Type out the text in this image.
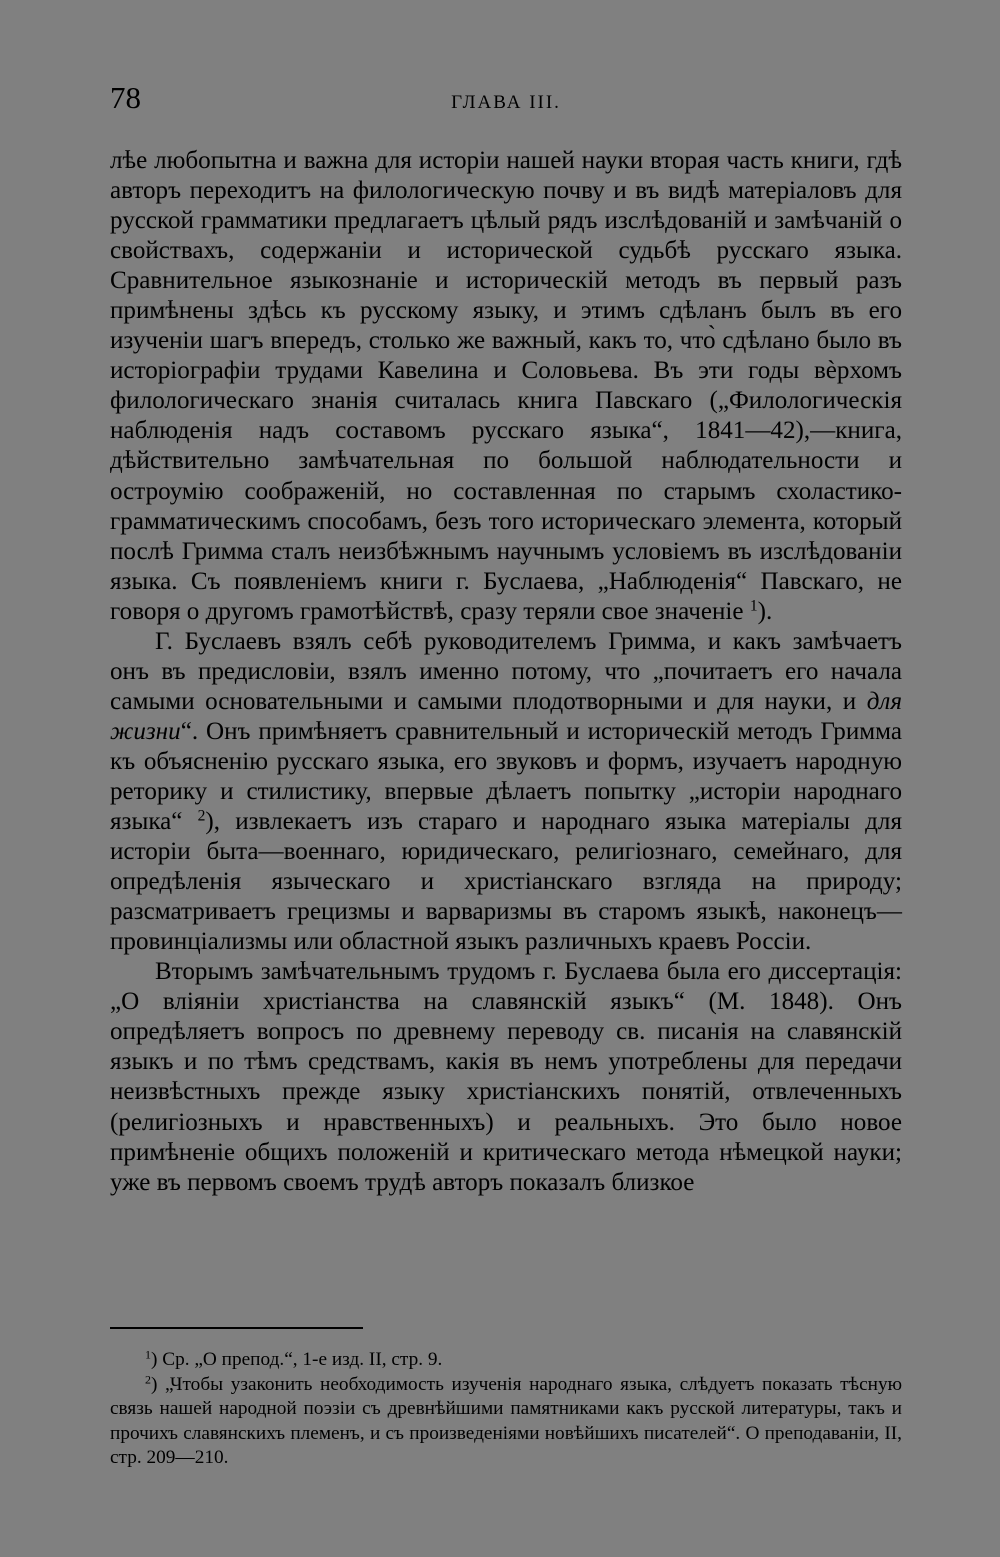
78	ГЛАВА III.

лѣе любопытна и важна для исторіи нашей науки вторая часть книги, гдѣ авторъ переходитъ на филологическую почву и въ видѣ матеріаловъ для русской грамматики предлагаетъ цѣлый рядъ изслѣдованій и замѣчаній о свойствахъ, содержаніи и исторической судьбѣ русскаго языка. Сравнительное языкознаніе и историческій методъ въ первый разъ примѣнены здѣсь къ русскому языку, и этимъ сдѣланъ былъ въ его изученіи шагъ впередъ, столько же важный, какъ то, что̀ сдѣлано было въ исторіографіи трудами Кавелина и Соловьева. Въ эти годы вѐрхомъ филологическаго знанія считалась книга Павскаго („Филологическія наблюденія надъ составомъ русскаго языка“, 1841—42),—книга, дѣйствительно замѣчательная по большой наблюдательности и остроумію соображеній, но составленная по старымъ схоластико-грамматическимъ способамъ, безъ того историческаго элемента, который послѣ Гримма сталъ неизбѣжнымъ научнымъ условіемъ въ изслѣдованіи языка. Съ появленіемъ книги г. Буслаева, „Наблюденія“ Павскаго, не говоря о другомъ грамотѣйствѣ, сразу теряли свое значеніе $^1$).

Г. Буслаевъ взялъ себѣ руководителемъ Гримма, и какъ замѣчаетъ онъ въ предисловіи, взялъ именно потому, что „почитаетъ его начала самыми основательными и самыми плодотворными и для науки, и для жизни“. Онъ примѣняетъ сравнительный и историческій методъ Гримма къ объясненію русскаго языка, его звуковъ и формъ, изучаетъ народную реторику и стилистику, впервые дѣлаетъ попытку „исторіи народнаго языка“ $^2$), извлекаетъ изъ стараго и народнаго языка матеріалы для исторіи быта—военнаго, юридическаго, религіознаго, семейнаго, для опредѣленія языческаго и христіанскаго взгляда на природу; разсматриваетъ грецизмы и варваризмы въ старомъ языкѣ, наконецъ—провинціализмы или областной языкъ различныхъ краевъ Россіи.

Вторымъ замѣчательнымъ трудомъ г. Буслаева была его диссертація: „О вліяніи христіанства на славянскій языкъ“ (М. 1848). Онъ опредѣляетъ вопросъ по древнему переводу св. писанія на славянскій языкъ и по тѣмъ средствамъ, какія въ немъ употреблены для передачи неизвѣстныхъ прежде языку христіанскихъ понятій, отвлеченныхъ (религіозныхъ и нравственныхъ) и реальныхъ. Это было новое примѣненіе общихъ положеній и критическаго метода нѣмецкой науки; уже въ первомъ своемъ трудѣ авторъ показалъ близкое

$^1$) Ср. „О препод.“, 1-е изд. II, стр. 9.

$^2$) „Чтобы узаконить необходимость изученія народнаго языка, слѣдуетъ показать тѣсную связь нашей народной поэзіи съ древнѣйшими памятниками какъ русской литературы, такъ и прочихъ славянскихъ племенъ, и съ произведеніями новѣйшихъ писателей“. О преподаваніи, II, стр. 209—210.
